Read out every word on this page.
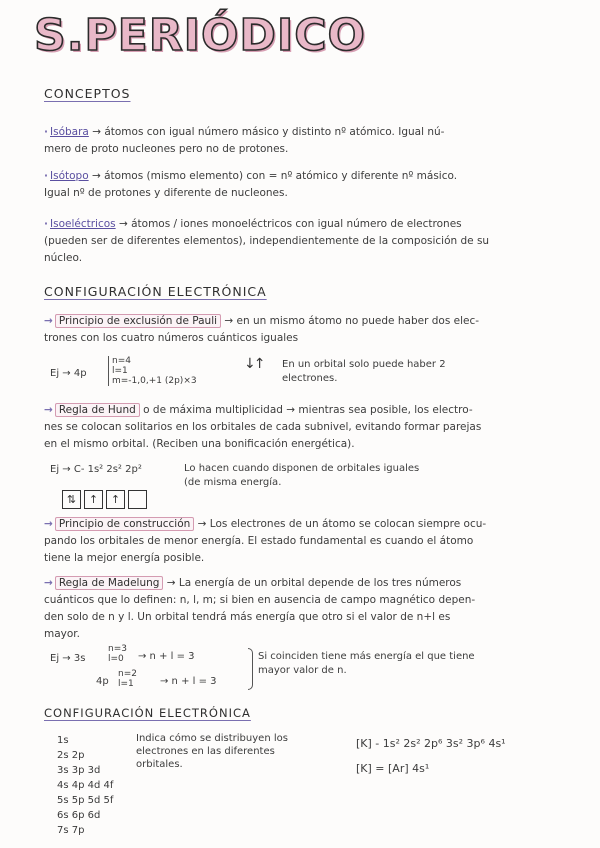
S.PERIÓDICO
CONCEPTOS

· Isóbara → átomos con igual número másico y distinto nº atómico. Igual nú-
mero de proto nucleones pero no de protones.

· Isótopo → átomos (mismo elemento) con = nº atómico y diferente nº másico.
Igual nº de protones y diferente de nucleones.

· Isoeléctricos → átomos / iones monoeléctricos con igual número de electrones
(pueden ser de diferentes elementos), independientemente de la composición de su
núcleo.

CONFIGURACIÓN ELECTRÓNICA

→ Principio de exclusión de Pauli → en un mismo átomo no puede haber dos elec-
trones con los cuatro números cuánticos iguales

Ej → 4p

n=4
l=1
m=-1,0,+1 (2p)×3
↓↑ En un orbital solo puede haber 2
electrones.

→ Regla de Hund o de máxima multiplicidad → mientras sea posible, los electro-
nes se colocan solitarios en los orbitales de cada subnivel, evitando formar parejas
en el mismo orbital. (Reciben una bonificación energética).

Ej → C- 1s² 2s² 2p²	Lo hacen cuando disponen de orbitales iguales
(de misma energía.

⇅	↑	↑

→ Principio de construcción → Los electrones de un átomo se colocan siempre ocu-
pando los orbitales de menor energía. El estado fundamental es cuando el átomo
tiene la mejor energía posible.

→ Regla de Madelung → La energía de un orbital depende de los tres números
cuánticos que lo definen: n, l, m; si bien en ausencia de campo magnético depen-
den solo de n y l. Un orbital tendrá más energía que otro si el valor de n+l es
mayor.

Ej → 3s

n=3
l=0	→ n + l = 3

4p

n=2
l=1	→ n + l = 3

Si coinciden tiene más energía el que tiene
mayor valor de n.

CONFIGURACIÓN ELECTRÓNICA

Indica cómo se distribuyen los
electrones en las diferentes
orbitales.

[K] - 1s² 2s² 2p⁶ 3s² 3p⁶ 4s¹

[K] = [Ar] 4s¹

1s
2s 2p
3s 3p 3d
4s 4p 4d 4f
5s 5p 5d 5f
6s 6p 6d
7s 7p
